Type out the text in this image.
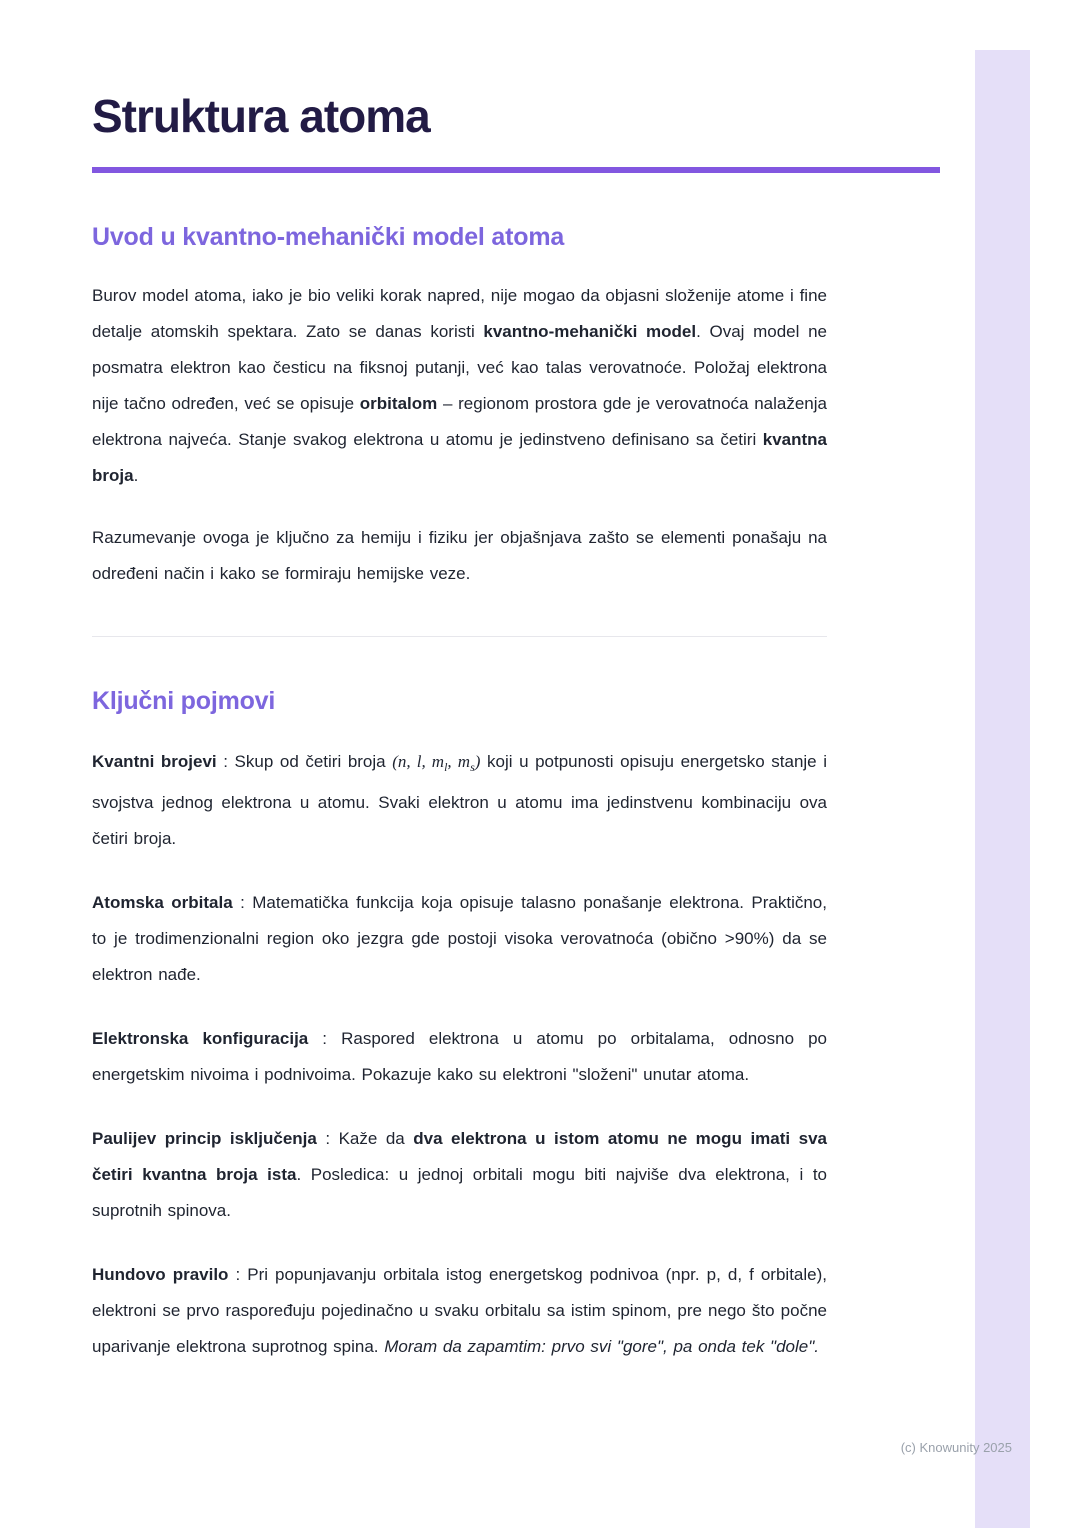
Struktura atoma
Uvod u kvantno-mehanički model atoma

Burov model atoma, iako je bio veliki korak napred, nije mogao da objasni složenije atome i fine detalje atomskih spektara. Zato se danas koristi kvantno-mehanički model. Ovaj model ne posmatra elektron kao česticu na fiksnoj putanji, već kao talas verovatnoće. Položaj elektrona nije tačno određen, već se opisuje orbitalom – regionom prostora gde je verovatnoća nalaženja elektrona najveća. Stanje svakog elektrona u atomu je jedinstveno definisano sa četiri kvantna broja.

Razumevanje ovoga je ključno za hemiju i fiziku jer objašnjava zašto se elementi ponašaju na određeni način i kako se formiraju hemijske veze.

Ključni pojmovi

Kvantni brojevi : Skup od četiri broja (n, l, $m_l$, $m_s$) koji u potpunosti opisuju energetsko stanje i svojstva jednog elektrona u atomu. Svaki elektron u atomu ima jedinstvenu kombinaciju ova četiri broja.

Atomska orbitala : Matematička funkcija koja opisuje talasno ponašanje elektrona. Praktično, to je trodimenzionalni region oko jezgra gde postoji visoka verovatnoća (obično >90%) da se elektron nađe.

Elektronska konfiguracija : Raspored elektrona u atomu po orbitalama, odnosno po energetskim nivoima i podnivoima. Pokazuje kako su elektroni "složeni" unutar atoma.

Paulijev princip isključenja : Kaže da dva elektrona u istom atomu ne mogu imati sva četiri kvantna broja ista. Posledica: u jednoj orbitali mogu biti najviše dva elektrona, i to suprotnih spinova.

Hundovo pravilo : Pri popunjavanju orbitala istog energetskog podnivoa (npr. p, d, f orbitale), elektroni se prvo raspoređuju pojedinačno u svaku orbitalu sa istim spinom, pre nego što počne uparivanje elektrona suprotnog spina. Moram da zapamtim: prvo svi "gore", pa onda tek "dole".

(c) Knowunity 2025
